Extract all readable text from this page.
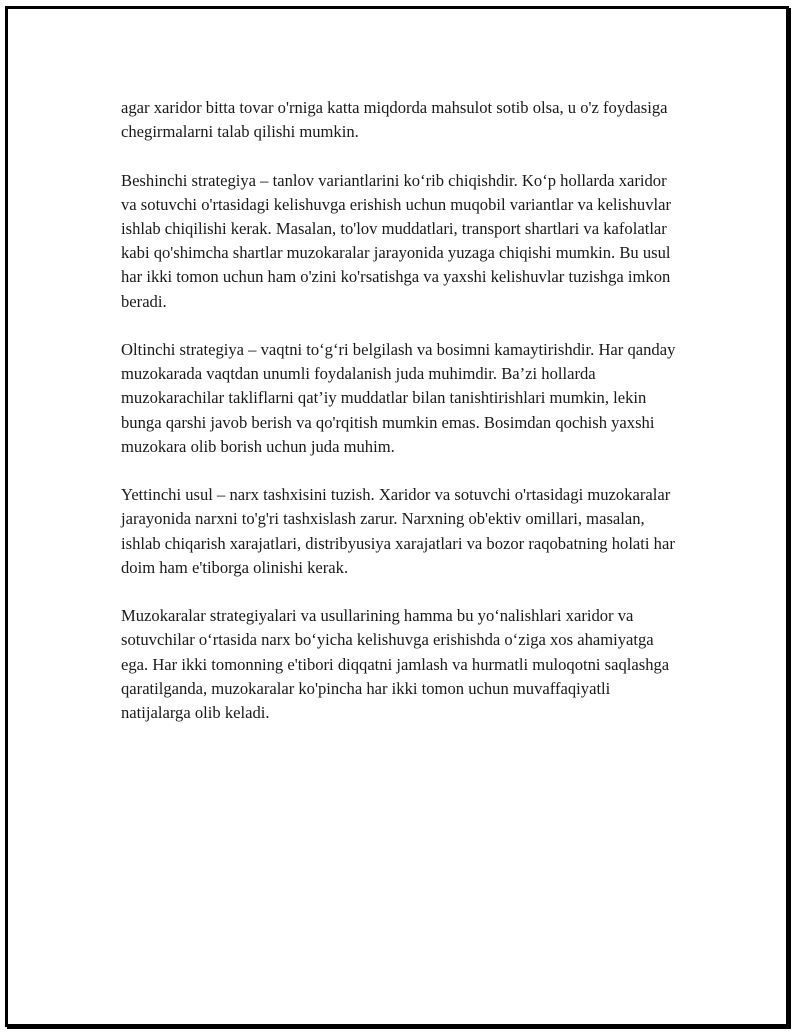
agar xaridor bitta tovar o'rniga katta miqdorda mahsulot sotib olsa, u o'z foydasiga chegirmalarni talab qilishi mumkin.

Beshinchi strategiya – tanlov variantlarini ko‘rib chiqishdir. Ko‘p hollarda xaridor va sotuvchi o'rtasidagi kelishuvga erishish uchun muqobil variantlar va kelishuvlar ishlab chiqilishi kerak. Masalan, to'lov muddatlari, transport shartlari va kafolatlar kabi qo'shimcha shartlar muzokaralar jarayonida yuzaga chiqishi mumkin. Bu usul har ikki tomon uchun ham o'zini ko'rsatishga va yaxshi kelishuvlar tuzishga imkon beradi.

Oltinchi strategiya – vaqtni to‘g‘ri belgilash va bosimni kamaytirishdir. Har qanday muzokarada vaqtdan unumli foydalanish juda muhimdir. Ba’zi hollarda muzokarachilar takliflarni qat’iy muddatlar bilan tanishtirishlari mumkin, lekin bunga qarshi javob berish va qo'rqitish mumkin emas. Bosimdan qochish yaxshi muzokara olib borish uchun juda muhim.

Yettinchi usul – narx tashxisini tuzish. Xaridor va sotuvchi o'rtasidagi muzokaralar jarayonida narxni to'g'ri tashxislash zarur. Narxning ob'ektiv omillari, masalan, ishlab chiqarish xarajatlari, distribyusiya xarajatlari va bozor raqobatning holati har doim ham e'tiborga olinishi kerak.

Muzokaralar strategiyalari va usullarining hamma bu yo‘nalishlari xaridor va sotuvchilar o‘rtasida narx bo‘yicha kelishuvga erishishda o‘ziga xos ahamiyatga ega. Har ikki tomonning e'tibori diqqatni jamlash va hurmatli muloqotni saqlashga qaratilganda, muzokaralar ko'pincha har ikki tomon uchun muvaffaqiyatli natijalarga olib keladi.
